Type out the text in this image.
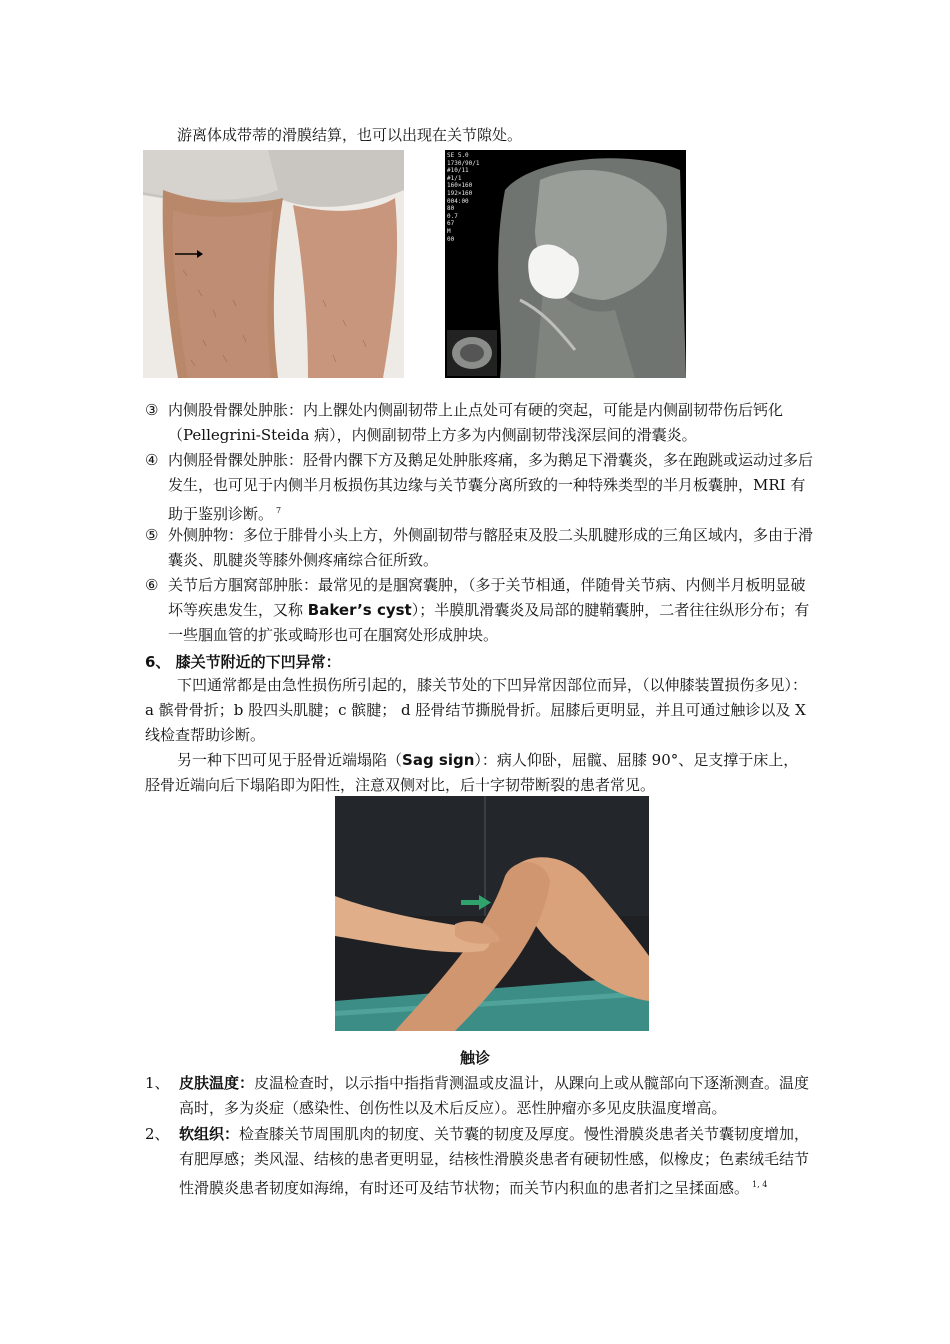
游离体成带蒂的滑膜结算，也可以出现在关节隙处。

SE 5.0
1730/90/1
#10/11
#1/1
160×160
192×160
004:00
80
0.7
67
M
00
③ 内侧股骨髁处肿胀：内上髁处内侧副韧带上止点处可有硬的突起，可能是内侧副韧带伤后钙化（Pellegrini-Steida 病），内侧副韧带上方多为内侧副韧带浅深层间的滑囊炎。
④ 内侧胫骨髁处肿胀：胫骨内髁下方及鹅足处肿胀疼痛，多为鹅足下滑囊炎，多在跑跳或运动过多后发生，也可见于内侧半月板损伤其边缘与关节囊分离所致的一种特殊类型的半月板囊肿，MRI 有助于鉴别诊断。 $^7$
⑤ 外侧肿物：多位于腓骨小头上方，外侧副韧带与髂胫束及股二头肌腱形成的三角区域内，多由于滑囊炎、肌腱炎等膝外侧疼痛综合征所致。
⑥ 关节后方腘窝部肿胀：最常见的是腘窝囊肿，（多于关节相通，伴随骨关节病、内侧半月板明显破坏等疾患发生，又称 Baker’s cyst）；半膜肌滑囊炎及局部的腱鞘囊肿，二者往往纵形分布；有一些腘血管的扩张或畸形也可在腘窝处形成肿块。
6、 膝关节附近的下凹异常：

下凹通常都是由急性损伤所引起的，膝关节处的下凹异常因部位而异，（以伸膝装置损伤多见）：a 髌骨骨折；b 股四头肌腱；c 髌腱； d 胫骨结节撕脱骨折。屈膝后更明显，并且可通过触诊以及 X 线检查帮助诊断。

另一种下凹可见于胫骨近端塌陷（Sag sign）：病人仰卧，屈髋、屈膝 90°、足支撑于床上，胫骨近端向后下塌陷即为阳性，注意双侧对比，后十字韧带断裂的患者常见。

触诊
1、 皮肤温度：皮温检查时，以示指中指指背测温或皮温计，从踝向上或从髋部向下逐渐测查。温度高时，多为炎症（感染性、创伤性以及术后反应）。恶性肿瘤亦多见皮肤温度增高。
2、 软组织：检查膝关节周围肌肉的韧度、关节囊的韧度及厚度。慢性滑膜炎患者关节囊韧度增加，有肥厚感；类风湿、结核的患者更明显，结核性滑膜炎患者有硬韧性感，似橡皮；色素绒毛结节性滑膜炎患者韧度如海绵，有时还可及结节状物；而关节内积血的患者扪之呈揉面感。 $^{1, 4}$
